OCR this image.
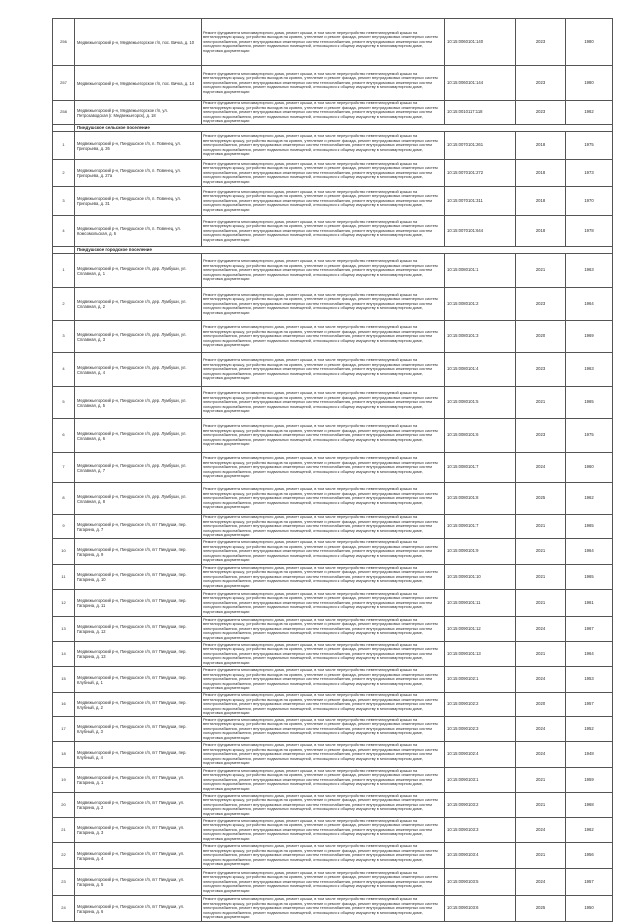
256	Медвежьегорский р-н, Медвежьегорское г/п, пос. Вичка, д. 10	Ремонт фундамента многоквартирного дома, ремонт крыши, в том числе переустройство невентилируемой крыши на вентилируемую крышу, устройство выходов на кровлю, утепление и ремонт фасада, ремонт внутридомовых инженерных систем электроснабжения, ремонт внутридомовых инженерных систем теплоснабжения, ремонт внутридомовых инженерных систем холодного водоснабжения, ремонт подвальных помещений, относящихся к общему имуществу в многоквартирном доме, подготовка документации	10:15:0060101:140	2023	1980
257	Медвежьегорский р-н, Медвежьегорское г/п, пос. Вичка, д. 14	Ремонт фундамента многоквартирного дома, ремонт крыши, в том числе переустройство невентилируемой крыши на вентилируемую крышу, устройство выходов на кровлю, утепление и ремонт фасада, ремонт внутридомовых инженерных систем электроснабжения, ремонт внутридомовых инженерных систем теплоснабжения, ремонт внутридомовых инженерных систем холодного водоснабжения, ремонт подвальных помещений, относящихся к общему имуществу в многоквартирном доме, подготовка документации	10:15:0060101:144	2023	1980
258	Медвежьегорский р-н, Медвежьегорское г/п, ул. Петрозаводская (г. Медвежьегорск), д. 18	Ремонт фундамента многоквартирного дома, ремонт крыши, в том числе переустройство невентилируемой крыши на вентилируемую крышу, устройство выходов на кровлю, утепление и ремонт фасада, ремонт внутридомовых инженерных систем электроснабжения, ремонт внутридомовых инженерных систем теплоснабжения, ремонт внутридомовых инженерных систем холодного водоснабжения, ремонт подвальных помещений, относящихся к общему имуществу в многоквартирном доме, подготовка документации	10:15:0010117:118	2023	1962
	Пиндушское сельское поселение				
1	Медвежьегорский р-н, Пиндушское г/п, п. Повенец, ул. Григорьева, д. 26	Ремонт фундамента многоквартирного дома, ремонт крыши, в том числе переустройство невентилируемой крыши на вентилируемую крышу, устройство выходов на кровлю, утепление и ремонт фасада, ремонт внутридомовых инженерных систем электроснабжения, ремонт внутридомовых инженерных систем теплоснабжения, ремонт внутридомовых инженерных систем холодного водоснабжения, ремонт подвальных помещений, относящихся к общему имуществу в многоквартирном доме, подготовка документации	10:15:0070101:261	2018	1975
2	Медвежьегорский р-н, Пиндушское г/п, п. Повенец, ул. Григорьева, д. 27а	Ремонт фундамента многоквартирного дома, ремонт крыши, в том числе переустройство невентилируемой крыши на вентилируемую крышу, устройство выходов на кровлю, утепление и ремонт фасада, ремонт внутридомовых инженерных систем электроснабжения, ремонт внутридомовых инженерных систем теплоснабжения, ремонт внутридомовых инженерных систем холодного водоснабжения, ремонт подвальных помещений, относящихся к общему имуществу в многоквартирном доме, подготовка документации	10:15:0070101:272	2018	1973
3	Медвежьегорский р-н, Пиндушское г/п, п. Повенец, ул. Григорьева, д. 31	Ремонт фундамента многоквартирного дома, ремонт крыши, в том числе переустройство невентилируемой крыши на вентилируемую крышу, устройство выходов на кровлю, утепление и ремонт фасада, ремонт внутридомовых инженерных систем электроснабжения, ремонт внутридомовых инженерных систем теплоснабжения, ремонт внутридомовых инженерных систем холодного водоснабжения, ремонт подвальных помещений, относящихся к общему имуществу в многоквартирном доме, подготовка документации	10:15:0070101:311	2018	1970
4	Медвежьегорский р-н, Пиндушское г/п, п. Повенец, ул. Комсомольская, д. 6	Ремонт фундамента многоквартирного дома, ремонт крыши, в том числе переустройство невентилируемой крыши на вентилируемую крышу, устройство выходов на кровлю, утепление и ремонт фасада, ремонт внутридомовых инженерных систем электроснабжения, ремонт внутридомовых инженерных систем теплоснабжения, ремонт внутридомовых инженерных систем холодного водоснабжения, ремонт подвальных помещений, относящихся к общему имуществу в многоквартирном доме, подготовка документации	10:15:0070101:644	2018	1978
	Пиндушское городское поселение				
1	Медвежьегорский р-н, Пиндушское г/п, дер. Лумбуши, ул. Сплавная, д. 1	Ремонт фундамента многоквартирного дома, ремонт крыши, в том числе переустройство невентилируемой крыши на вентилируемую крышу, устройство выходов на кровлю, утепление и ремонт фасада, ремонт внутридомовых инженерных систем электроснабжения, ремонт внутридомовых инженерных систем теплоснабжения, ремонт внутридомовых инженерных систем холодного водоснабжения, ремонт подвальных помещений, относящихся к общему имуществу в многоквартирном доме, подготовка документации	10:15:0080101:1	2021	1963
2	Медвежьегорский р-н, Пиндушское г/п, дер. Лумбуши, ул. Сплавная, д. 2	Ремонт фундамента многоквартирного дома, ремонт крыши, в том числе переустройство невентилируемой крыши на вентилируемую крышу, устройство выходов на кровлю, утепление и ремонт фасада, ремонт внутридомовых инженерных систем электроснабжения, ремонт внутридомовых инженерных систем теплоснабжения, ремонт внутридомовых инженерных систем холодного водоснабжения, ремонт подвальных помещений, относящихся к общему имуществу в многоквартирном доме, подготовка документации	10:15:0080101:2	2023	1964
3	Медвежьегорский р-н, Пиндушское г/п, дер. Лумбуши, ул. Сплавная, д. 3	Ремонт фундамента многоквартирного дома, ремонт крыши, в том числе переустройство невентилируемой крыши на вентилируемую крышу, устройство выходов на кровлю, утепление и ремонт фасада, ремонт внутридомовых инженерных систем электроснабжения, ремонт внутридомовых инженерных систем теплоснабжения, ремонт внутридомовых инженерных систем холодного водоснабжения, ремонт подвальных помещений, относящихся к общему имуществу в многоквартирном доме, подготовка документации	10:15:0080101:3	2020	1969
4	Медвежьегорский р-н, Пиндушское г/п, дер. Лумбуши, ул. Сплавная, д. 4	Ремонт фундамента многоквартирного дома, ремонт крыши, в том числе переустройство невентилируемой крыши на вентилируемую крышу, устройство выходов на кровлю, утепление и ремонт фасада, ремонт внутридомовых инженерных систем электроснабжения, ремонт внутридомовых инженерных систем теплоснабжения, ремонт внутридомовых инженерных систем холодного водоснабжения, ремонт подвальных помещений, относящихся к общему имуществу в многоквартирном доме, подготовка документации	10:15:0080101:4	2023	1963
5	Медвежьегорский р-н, Пиндушское г/п, дер. Лумбуши, ул. Сплавная, д. 5	Ремонт фундамента многоквартирного дома, ремонт крыши, в том числе переустройство невентилируемой крыши на вентилируемую крышу, устройство выходов на кровлю, утепление и ремонт фасада, ремонт внутридомовых инженерных систем электроснабжения, ремонт внутридомовых инженерных систем теплоснабжения, ремонт внутридомовых инженерных систем холодного водоснабжения, ремонт подвальных помещений, относящихся к общему имуществу в многоквартирном доме, подготовка документации	10:15:0080101:5	2021	1965
6	Медвежьегорский р-н, Пиндушское г/п, дер. Лумбуши, ул. Сплавная, д. 6	Ремонт фундамента многоквартирного дома, ремонт крыши, в том числе переустройство невентилируемой крыши на вентилируемую крышу, устройство выходов на кровлю, утепление и ремонт фасада, ремонт внутридомовых инженерных систем электроснабжения, ремонт внутридомовых инженерных систем теплоснабжения, ремонт внутридомовых инженерных систем холодного водоснабжения, ремонт подвальных помещений, относящихся к общему имуществу в многоквартирном доме, подготовка документации	10:15:0080101:6	2023	1975
7	Медвежьегорский р-н, Пиндушское г/п, дер. Лумбуши, ул. Сплавная, д. 7	Ремонт фундамента многоквартирного дома, ремонт крыши, в том числе переустройство невентилируемой крыши на вентилируемую крышу, устройство выходов на кровлю, утепление и ремонт фасада, ремонт внутридомовых инженерных систем электроснабжения, ремонт внутридомовых инженерных систем теплоснабжения, ремонт внутридомовых инженерных систем холодного водоснабжения, ремонт подвальных помещений, относящихся к общему имуществу в многоквартирном доме, подготовка документации	10:15:0080101:7	2024	1960
8	Медвежьегорский р-н, Пиндушское г/п, дер. Лумбуши, ул. Сплавная, д. 8	Ремонт фундамента многоквартирного дома, ремонт крыши, в том числе переустройство невентилируемой крыши на вентилируемую крышу, устройство выходов на кровлю, утепление и ремонт фасада, ремонт внутридомовых инженерных систем электроснабжения, ремонт внутридомовых инженерных систем теплоснабжения, ремонт внутридомовых инженерных систем холодного водоснабжения, ремонт подвальных помещений, относящихся к общему имуществу в многоквартирном доме, подготовка документации	10:15:0080101:8	2025	1962
9	Медвежьегорский р-н, Пиндушское г/п, пгт Пиндуши, пер. Гагарина, д. 7	Ремонт фундамента многоквартирного дома, ремонт крыши, в том числе переустройство невентилируемой крыши на вентилируемую крышу, устройство выходов на кровлю, утепление и ремонт фасада, ремонт внутридомовых инженерных систем электроснабжения, ремонт внутридомовых инженерных систем теплоснабжения, ремонт внутридомовых инженерных систем холодного водоснабжения, ремонт подвальных помещений, относящихся к общему имуществу в многоквартирном доме, подготовка документации	10:15:0090101:7	2021	1965
10	Медвежьегорский р-н, Пиндушское г/п, пгт Пиндуши, пер. Гагарина, д. 9	Ремонт фундамента многоквартирного дома, ремонт крыши, в том числе переустройство невентилируемой крыши на вентилируемую крышу, устройство выходов на кровлю, утепление и ремонт фасада, ремонт внутридомовых инженерных систем электроснабжения, ремонт внутридомовых инженерных систем теплоснабжения, ремонт внутридомовых инженерных систем холодного водоснабжения, ремонт подвальных помещений, относящихся к общему имуществу в многоквартирном доме, подготовка документации	10:15:0090101:9	2021	1964
11	Медвежьегорский р-н, Пиндушское г/п, пгт Пиндуши, пер. Гагарина, д. 10	Ремонт фундамента многоквартирного дома, ремонт крыши, в том числе переустройство невентилируемой крыши на вентилируемую крышу, устройство выходов на кровлю, утепление и ремонт фасада, ремонт внутридомовых инженерных систем электроснабжения, ремонт внутридомовых инженерных систем теплоснабжения, ремонт внутридомовых инженерных систем холодного водоснабжения, ремонт подвальных помещений, относящихся к общему имуществу в многоквартирном доме, подготовка документации	10:15:0090101:10	2021	1965
12	Медвежьегорский р-н, Пиндушское г/п, пгт Пиндуши, пер. Гагарина, д. 11	Ремонт фундамента многоквартирного дома, ремонт крыши, в том числе переустройство невентилируемой крыши на вентилируемую крышу, устройство выходов на кровлю, утепление и ремонт фасада, ремонт внутридомовых инженерных систем электроснабжения, ремонт внутридомовых инженерных систем теплоснабжения, ремонт внутридомовых инженерных систем холодного водоснабжения, ремонт подвальных помещений, относящихся к общему имуществу в многоквартирном доме, подготовка документации	10:15:0090101:11	2021	1961
13	Медвежьегорский р-н, Пиндушское г/п, пгт Пиндуши, пер. Гагарина, д. 12	Ремонт фундамента многоквартирного дома, ремонт крыши, в том числе переустройство невентилируемой крыши на вентилируемую крышу, устройство выходов на кровлю, утепление и ремонт фасада, ремонт внутридомовых инженерных систем электроснабжения, ремонт внутридомовых инженерных систем теплоснабжения, ремонт внутридомовых инженерных систем холодного водоснабжения, ремонт подвальных помещений, относящихся к общему имуществу в многоквартирном доме, подготовка документации	10:15:0090101:12	2024	1967
14	Медвежьегорский р-н, Пиндушское г/п, пгт Пиндуши, пер. Гагарина, д. 13	Ремонт фундамента многоквартирного дома, ремонт крыши, в том числе переустройство невентилируемой крыши на вентилируемую крышу, устройство выходов на кровлю, утепление и ремонт фасада, ремонт внутридомовых инженерных систем электроснабжения, ремонт внутридомовых инженерных систем теплоснабжения, ремонт внутридомовых инженерных систем холодного водоснабжения, ремонт подвальных помещений, относящихся к общему имуществу в многоквартирном доме, подготовка документации	10:15:0090101:13	2021	1964
15	Медвежьегорский р-н, Пиндушское г/п, пгт Пиндуши, пер. Клубный, д. 1	Ремонт фундамента многоквартирного дома, ремонт крыши, в том числе переустройство невентилируемой крыши на вентилируемую крышу, устройство выходов на кровлю, утепление и ремонт фасада, ремонт внутридомовых инженерных систем электроснабжения, ремонт внутридомовых инженерных систем теплоснабжения, ремонт внутридомовых инженерных систем холодного водоснабжения, ремонт подвальных помещений, относящихся к общему имуществу в многоквартирном доме, подготовка документации	10:15:0090102:1	2024	1953
16	Медвежьегорский р-н, Пиндушское г/п, пгт Пиндуши, пер. Клубный, д. 2	Ремонт фундамента многоквартирного дома, ремонт крыши, в том числе переустройство невентилируемой крыши на вентилируемую крышу, устройство выходов на кровлю, утепление и ремонт фасада, ремонт внутридомовых инженерных систем электроснабжения, ремонт внутридомовых инженерных систем теплоснабжения, ремонт внутридомовых инженерных систем холодного водоснабжения, ремонт подвальных помещений, относящихся к общему имуществу в многоквартирном доме, подготовка документации	10:15:0090102:2	2020	1957
17	Медвежьегорский р-н, Пиндушское г/п, пгт Пиндуши, пер. Клубный, д. 3	Ремонт фундамента многоквартирного дома, ремонт крыши, в том числе переустройство невентилируемой крыши на вентилируемую крышу, устройство выходов на кровлю, утепление и ремонт фасада, ремонт внутридомовых инженерных систем электроснабжения, ремонт внутридомовых инженерных систем теплоснабжения, ремонт внутридомовых инженерных систем холодного водоснабжения, ремонт подвальных помещений, относящихся к общему имуществу в многоквартирном доме, подготовка документации	10:15:0090102:3	2024	1952
18	Медвежьегорский р-н, Пиндушское г/п, пгт Пиндуши, пер. Клубный, д. 4	Ремонт фундамента многоквартирного дома, ремонт крыши, в том числе переустройство невентилируемой крыши на вентилируемую крышу, устройство выходов на кровлю, утепление и ремонт фасада, ремонт внутридомовых инженерных систем электроснабжения, ремонт внутридомовых инженерных систем теплоснабжения, ремонт внутридомовых инженерных систем холодного водоснабжения, ремонт подвальных помещений, относящихся к общему имуществу в многоквартирном доме, подготовка документации	10:15:0090102:4	2024	1948
19	Медвежьегорский р-н, Пиндушское г/п, пгт Пиндуши, ул. Гагарина, д. 1	Ремонт фундамента многоквартирного дома, ремонт крыши, в том числе переустройство невентилируемой крыши на вентилируемую крышу, устройство выходов на кровлю, утепление и ремонт фасада, ремонт внутридомовых инженерных систем электроснабжения, ремонт внутридомовых инженерных систем теплоснабжения, ремонт внутридомовых инженерных систем холодного водоснабжения, ремонт подвальных помещений, относящихся к общему имуществу в многоквартирном доме, подготовка документации	10:15:0090103:1	2021	1959
20	Медвежьегорский р-н, Пиндушское г/п, пгт Пиндуши, ул. Гагарина, д. 2	Ремонт фундамента многоквартирного дома, ремонт крыши, в том числе переустройство невентилируемой крыши на вентилируемую крышу, устройство выходов на кровлю, утепление и ремонт фасада, ремонт внутридомовых инженерных систем электроснабжения, ремонт внутридомовых инженерных систем теплоснабжения, ремонт внутридомовых инженерных систем холодного водоснабжения, ремонт подвальных помещений, относящихся к общему имуществу в многоквартирном доме, подготовка документации	10:15:0090103:2	2021	1968
21	Медвежьегорский р-н, Пиндушское г/п, пгт Пиндуши, ул. Гагарина, д. 3	Ремонт фундамента многоквартирного дома, ремонт крыши, в том числе переустройство невентилируемой крыши на вентилируемую крышу, устройство выходов на кровлю, утепление и ремонт фасада, ремонт внутридомовых инженерных систем электроснабжения, ремонт внутридомовых инженерных систем теплоснабжения, ремонт внутридомовых инженерных систем холодного водоснабжения, ремонт подвальных помещений, относящихся к общему имуществу в многоквартирном доме, подготовка документации	10:15:0090103:3	2024	1962
22	Медвежьегорский р-н, Пиндушское г/п, пгт Пиндуши, ул. Гагарина, д. 4	Ремонт фундамента многоквартирного дома, ремонт крыши, в том числе переустройство невентилируемой крыши на вентилируемую крышу, устройство выходов на кровлю, утепление и ремонт фасада, ремонт внутридомовых инженерных систем электроснабжения, ремонт внутридомовых инженерных систем теплоснабжения, ремонт внутридомовых инженерных систем холодного водоснабжения, ремонт подвальных помещений, относящихся к общему имуществу в многоквартирном доме, подготовка документации	10:15:0090103:4	2021	1956
23	Медвежьегорский р-н, Пиндушское г/п, пгт Пиндуши, ул. Гагарина, д. 5	Ремонт фундамента многоквартирного дома, ремонт крыши, в том числе переустройство невентилируемой крыши на вентилируемую крышу, устройство выходов на кровлю, утепление и ремонт фасада, ремонт внутридомовых инженерных систем электроснабжения, ремонт внутридомовых инженерных систем теплоснабжения, ремонт внутридомовых инженерных систем холодного водоснабжения, ремонт подвальных помещений, относящихся к общему имуществу в многоквартирном доме, подготовка документации	10:15:0090103:5	2024	1957
24	Медвежьегорский р-н, Пиндушское г/п, пгт Пиндуши, ул. Гагарина, д. 6	Ремонт фундамента многоквартирного дома, ремонт крыши, в том числе переустройство невентилируемой крыши на вентилируемую крышу, устройство выходов на кровлю, утепление и ремонт фасада, ремонт внутридомовых инженерных систем электроснабжения, ремонт внутридомовых инженерных систем теплоснабжения, ремонт внутридомовых инженерных систем холодного водоснабжения, ремонт подвальных помещений, относящихся к общему имуществу в многоквартирном доме, подготовка документации	10:15:0090103:6	2025	1950
